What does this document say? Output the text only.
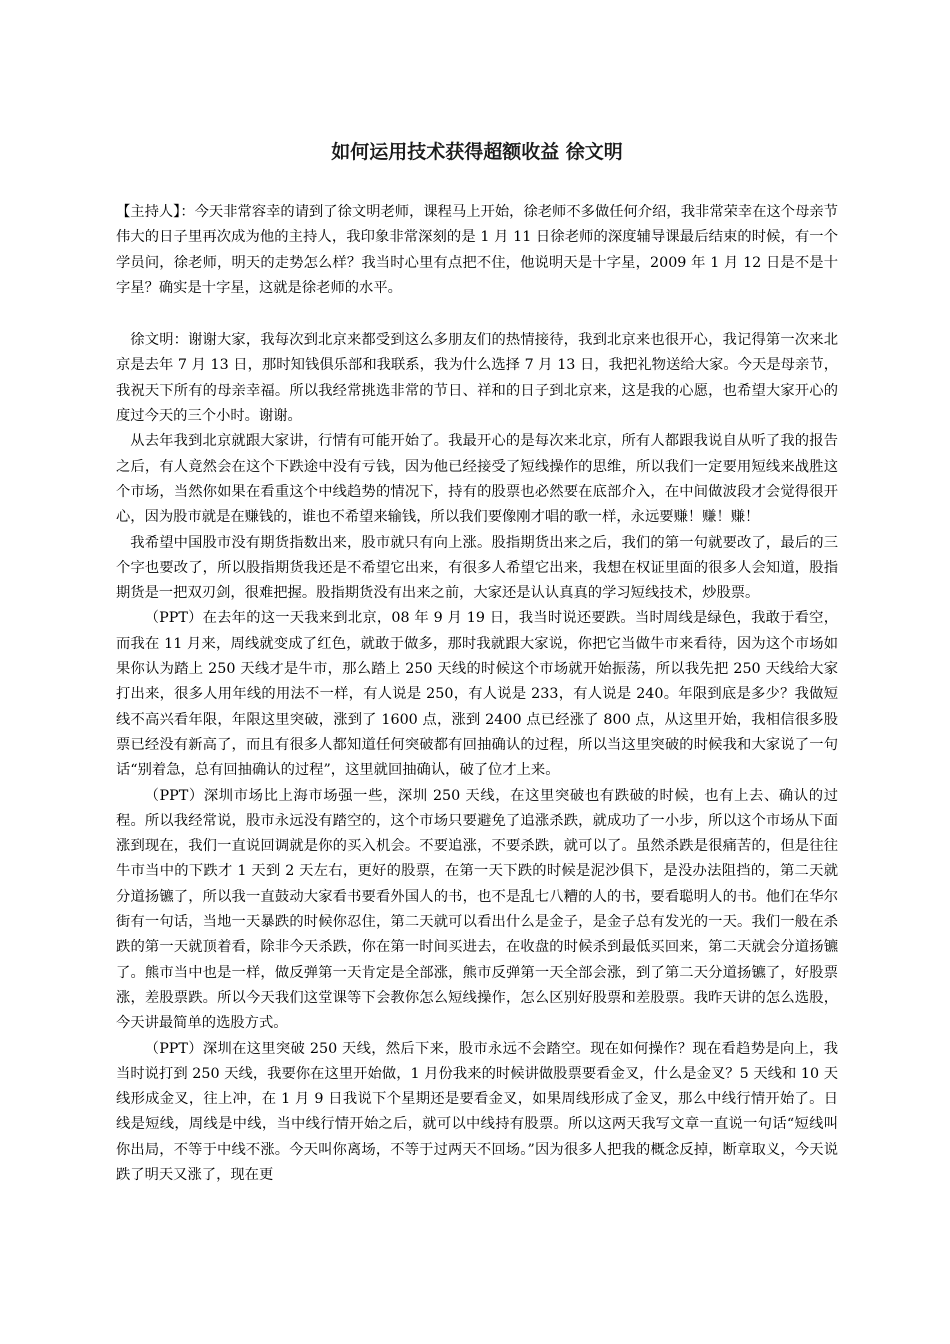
如何运用技术获得超额收益 徐文明

【主持人】：今天非常容幸的请到了徐文明老师，课程马上开始，徐老师不多做任何介绍，我非常荣幸在这个母亲节伟大的日子里再次成为他的主持人，我印象非常深刻的是 1 月 11 日徐老师的深度辅导课最后结束的时候，有一个学员问，徐老师，明天的走势怎么样？我当时心里有点把不住，他说明天是十字星，2009 年 1 月 12 日是不是十字星？确实是十字星，这就是徐老师的水平。

徐文明：谢谢大家，我每次到北京来都受到这么多朋友们的热情接待，我到北京来也很开心，我记得第一次来北京是去年 7 月 13 日，那时知钱俱乐部和我联系，我为什么选择 7 月 13 日，我把礼物送给大家。今天是母亲节，我祝天下所有的母亲幸福。所以我经常挑选非常的节日、祥和的日子到北京来，这是我的心愿，也希望大家开心的度过今天的三个小时。谢谢。

从去年我到北京就跟大家讲，行情有可能开始了。我最开心的是每次来北京，所有人都跟我说自从听了我的报告之后，有人竟然会在这个下跌途中没有亏钱，因为他已经接受了短线操作的思维，所以我们一定要用短线来战胜这个市场，当然你如果在看重这个中线趋势的情况下，持有的股票也必然要在底部介入，在中间做波段才会觉得很开心，因为股市就是在赚钱的，谁也不希望来输钱，所以我们要像刚才唱的歌一样，永远要赚！赚！赚！

我希望中国股市没有期货指数出来，股市就只有向上涨。股指期货出来之后，我们的第一句就要改了，最后的三个字也要改了，所以股指期货我还是不希望它出来，有很多人希望它出来，我想在权证里面的很多人会知道，股指期货是一把双刃剑，很难把握。股指期货没有出来之前，大家还是认认真真的学习短线技术，炒股票。

（PPT）在去年的这一天我来到北京，08 年 9 月 19 日，我当时说还要跌。当时周线是绿色，我敢于看空，而我在 11 月来，周线就变成了红色，就敢于做多，那时我就跟大家说，你把它当做牛市来看待，因为这个市场如果你认为踏上 250 天线才是牛市，那么踏上 250 天线的时候这个市场就开始振荡，所以我先把 250 天线给大家打出来，很多人用年线的用法不一样，有人说是 250，有人说是 233，有人说是 240。年限到底是多少？我做短线不高兴看年限，年限这里突破，涨到了 1600 点，涨到 2400 点已经涨了 800 点，从这里开始，我相信很多股票已经没有新高了，而且有很多人都知道任何突破都有回抽确认的过程，所以当这里突破的时候我和大家说了一句话“别着急，总有回抽确认的过程”，这里就回抽确认，破了位才上来。

（PPT）深圳市场比上海市场强一些，深圳 250 天线，在这里突破也有跌破的时候，也有上去、确认的过程。所以我经常说，股市永远没有踏空的，这个市场只要避免了追涨杀跌，就成功了一小步，所以这个市场从下面涨到现在，我们一直说回调就是你的买入机会。不要追涨，不要杀跌，就可以了。虽然杀跌是很痛苦的，但是往往牛市当中的下跌才 1 天到 2 天左右，更好的股票，在第一天下跌的时候是泥沙俱下，是没办法阻挡的，第二天就分道扬镳了，所以我一直鼓动大家看书要看外国人的书，也不是乱七八糟的人的书，要看聪明人的书。他们在华尔街有一句话，当地一天暴跌的时候你忍住，第二天就可以看出什么是金子，是金子总有发光的一天。我们一般在杀跌的第一天就顶着看，除非今天杀跌，你在第一时间买进去，在收盘的时候杀到最低买回来，第二天就会分道扬镳了。熊市当中也是一样，做反弹第一天肯定是全部涨，熊市反弹第一天全部会涨，到了第二天分道扬镳了，好股票涨，差股票跌。所以今天我们这堂课等下会教你怎么短线操作，怎么区别好股票和差股票。我昨天讲的怎么选股，今天讲最简单的选股方式。

（PPT）深圳在这里突破 250 天线，然后下来，股市永远不会踏空。现在如何操作？现在看趋势是向上，我当时说打到 250 天线，我要你在这里开始做，1 月份我来的时候讲做股票要看金叉，什么是金叉？5 天线和 10 天线形成金叉，往上冲，在 1 月 9 日我说下个星期还是要看金叉，如果周线形成了金叉，那么中线行情开始了。日线是短线，周线是中线，当中线行情开始之后，就可以中线持有股票。所以这两天我写文章一直说一句话“短线叫你出局，不等于中线不涨。今天叫你离场，不等于过两天不回场。”因为很多人把我的概念反掉，断章取义，今天说跌了明天又涨了，现在更
